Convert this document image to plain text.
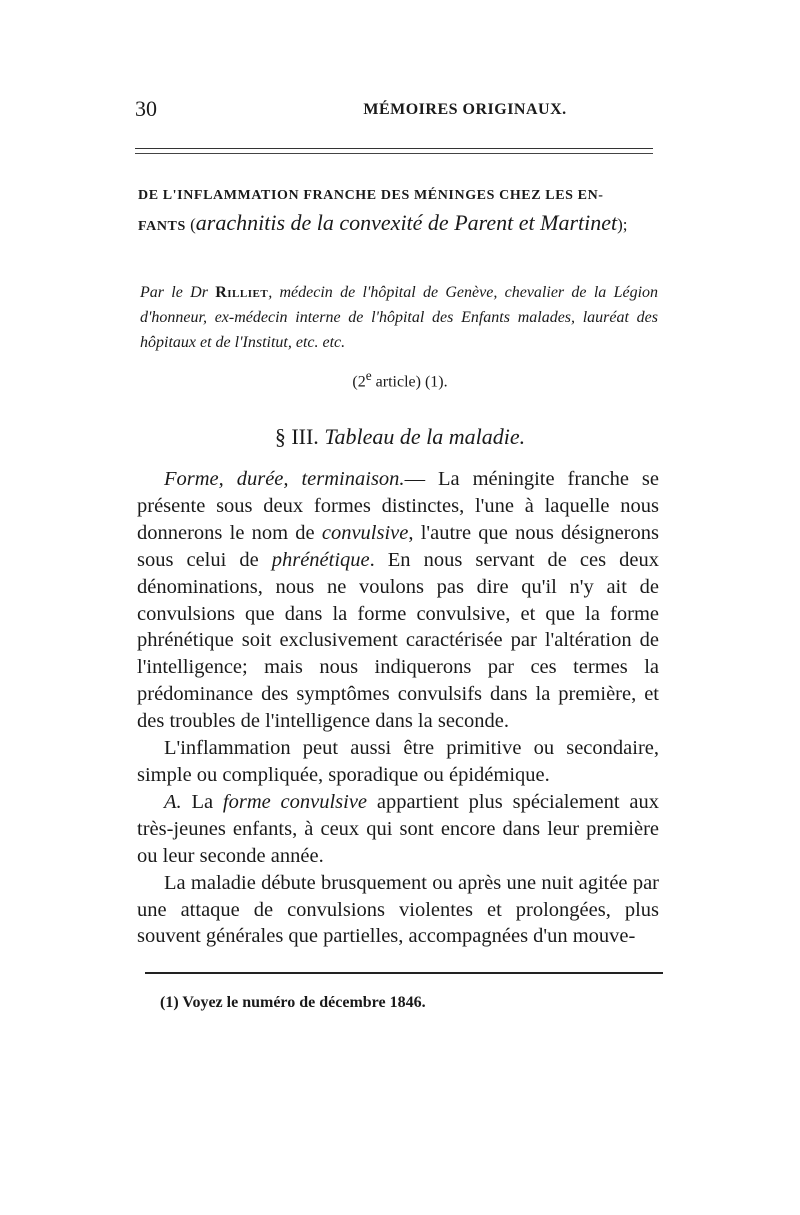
30	MÉMOIRES ORIGINAUX.
DE L'INFLAMMATION FRANCHE DES MÉNINGES CHEZ LES EN-
FANTS (arachnitis de la convexité de Parent et Martinet);
Par le Dr Rilliet, médecin de l'hôpital de Genève, chevalier de la Légion d'honneur, ex-médecin interne de l'hôpital des Enfants malades, lauréat des hôpitaux et de l'Institut, etc. etc.
(2e article) (1).
§ III. Tableau de la maladie.

Forme, durée, terminaison.— La méningite franche se présente sous deux formes distinctes, l'une à laquelle nous donnerons le nom de convulsive, l'autre que nous désignerons sous celui de phrénétique. En nous servant de ces deux dénominations, nous ne voulons pas dire qu'il n'y ait de convulsions que dans la forme convulsive, et que la forme phrénétique soit exclusivement caractérisée par l'altération de l'intelligence; mais nous indiquerons par ces termes la prédominance des symptômes convulsifs dans la première, et des troubles de l'intelligence dans la seconde.

L'inflammation peut aussi être primitive ou secondaire, simple ou compliquée, sporadique ou épidémique.

A. La forme convulsive appartient plus spécialement aux très-jeunes enfants, à ceux qui sont encore dans leur première ou leur seconde année.

La maladie débute brusquement ou après une nuit agitée par une attaque de convulsions violentes et prolongées, plus souvent générales que partielles, accompagnées d'un mouve-

(1) Voyez le numéro de décembre 1846.
